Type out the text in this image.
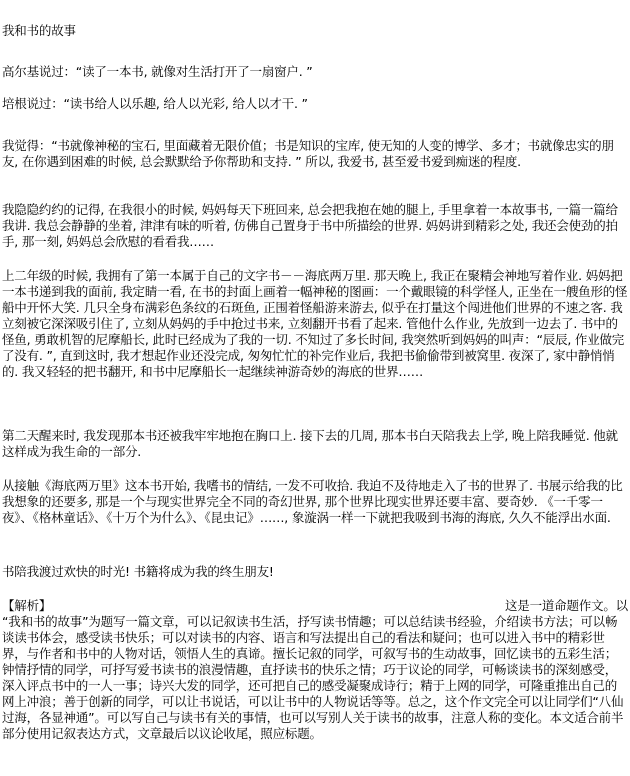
我和书的故事

高尔基说过：“读了一本书, 就像对生活打开了一扇窗户. ”

培根说过：“读书给人以乐趣, 给人以光彩, 给人以才干. ”

我觉得：“书就像神秘的宝石, 里面藏着无限价值；书是知识的宝库, 使无知的人变的博学、多才；书就像忠实的朋友, 在你遇到困难的时候, 总会默默给予你帮助和支持. ” 所以, 我爱书, 甚至爱书爱到痴迷的程度.

我隐隐约约的记得, 在我很小的时候, 妈妈每天下班回来, 总会把我抱在她的腿上, 手里拿着一本故事书, 一篇一篇给我讲. 我总会静静的坐着, 津津有味的听着, 仿佛自己置身于书中所描绘的世界. 妈妈讲到精彩之处, 我还会使劲的拍手, 那一刻, 妈妈总会欣慰的看看我……

上二年级的时候, 我拥有了第一本属于自己的文字书－－海底两万里. 那天晚上, 我正在聚精会神地写着作业. 妈妈把一本书递到我的面前, 我定睛一看, 在书的封面上画着一幅神秘的图画：一个戴眼镜的科学怪人, 正坐在一艘鱼形的怪船中开怀大笑. 几只全身布满彩色条纹的石斑鱼, 正围着怪船游来游去, 似乎在打量这个闯进他们世界的不速之客. 我立刻被它深深吸引住了, 立刻从妈妈的手中抢过书来, 立刻翻开书看了起来. 管他什么作业, 先放到一边去了. 书中的怪鱼, 勇敢机智的尼摩船长, 此时已经成为了我的一切. 不知过了多长时间, 我突然听到妈妈的叫声：“辰辰, 作业做完了没有. ”, 直到这时, 我才想起作业还没完成, 匆匆忙忙的补完作业后, 我把书偷偷带到被窝里. 夜深了, 家中静悄悄的. 我又轻轻的把书翻开, 和书中尼摩船长一起继续神游奇妙的海底的世界……

第二天醒来时, 我发现那本书还被我牢牢地抱在胸口上. 接下去的几周, 那本书白天陪我去上学, 晚上陪我睡觉. 他就这样成为我生命的一部分.

从接触《海底两万里》这本书开始, 我嗜书的情结, 一发不可收拾. 我迫不及待地走入了书的世界了. 书展示给我的比我想象的还要多, 那是一个与现实世界完全不同的奇幻世界, 那个世界比现实世界还要丰富、要奇妙. 《一千零一夜》、《格林童话》、《十万个为什么》、《昆虫记》……, 象漩涡一样一下就把我吸到书海的海底, 久久不能浮出水面.

书陪我渡过欢快的时光! 书籍将成为我的终生朋友!

【解析】	这是一道命题作文。以
“我和书的故事”为题写一篇文章，可以记叙读书生活，抒写读书情趣；可以总结读书经验，介绍读书方法；可以畅谈读书体会，感受读书快乐；可以对读书的内容、语言和写法提出自己的看法和疑问；也可以进入书中的精彩世界，与作者和书中的人物对话，领悟人生的真谛。擅长记叙的同学，可叙写书的生动故事，回忆读书的五彩生活；钟情抒情的同学，可抒写爱书读书的浪漫情趣，直抒读书的快乐之情；巧于议论的同学，可畅谈读书的深刻感受，深入评点书中的一人一事；诗兴大发的同学，还可把自己的感受凝聚成诗行；精于上网的同学，可隆重推出自己的网上冲浪；善于创新的同学，可以让书说话，可以让书中的人物说话等等。总之，这个作文完全可以让同学们“八仙过海，各显神通”。可以写自己与读书有关的事情，也可以写别人关于读书的故事，注意人称的变化。本文适合前半部分使用记叙表达方式，文章最后以议论收尾，照应标题。
